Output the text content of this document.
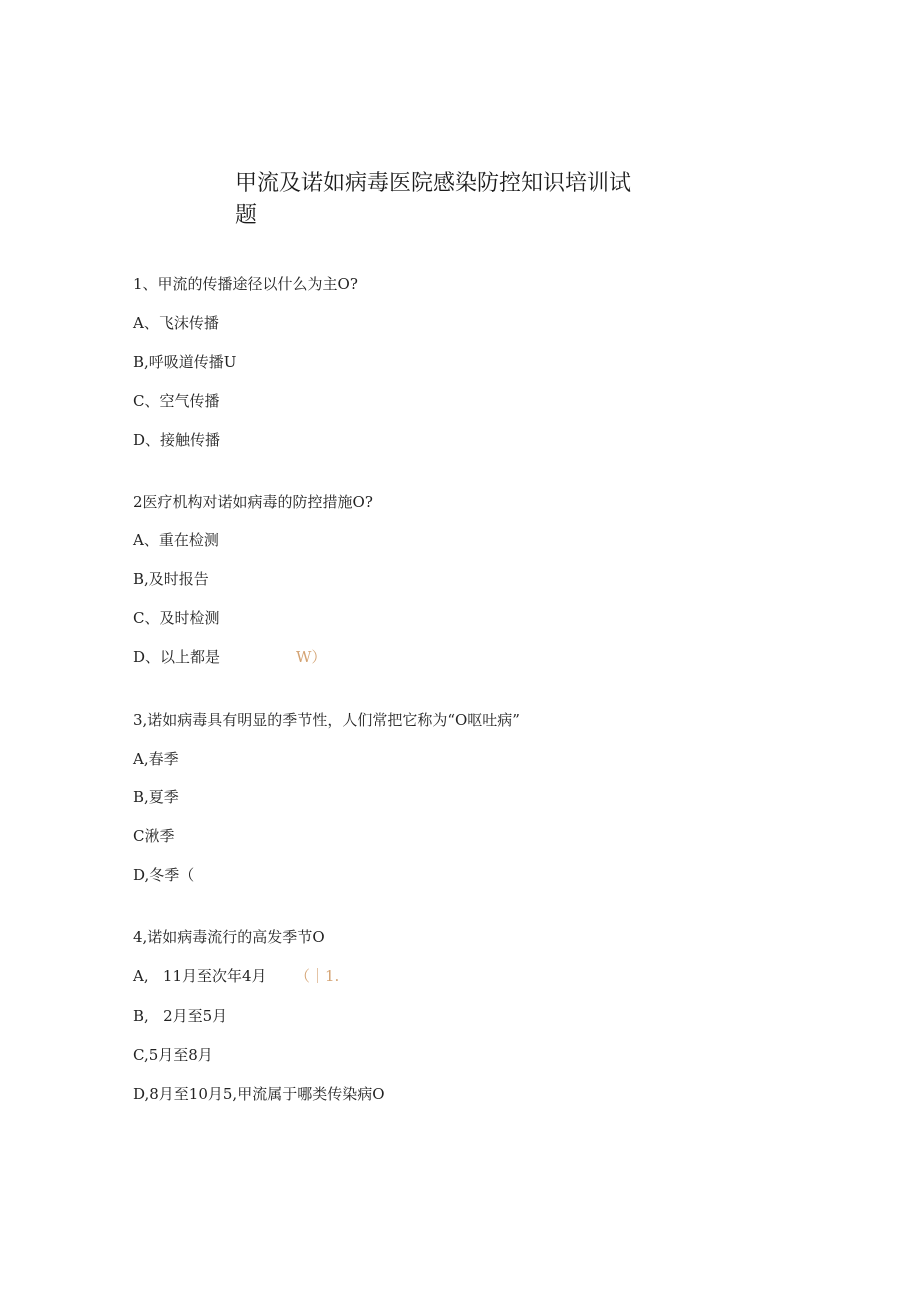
甲流及诺如病毒医院感染防控知识培训试题
1、甲流的传播途径以什么为主O?
A、飞沫传播
B,呼吸道传播U
C、空气传播
D、接触传播
2医疗机构对诺如病毒的防控措施O?
A、重在检测
B,及时报告
C、及时检测
D、以上都是	W）
3,诺如病毒具有明显的季节性，人们常把它称为“O呕吐病”
A,春季
B,夏季
C湫季
D,冬季（
4,诺如病毒流行的高发季节O
A,   11月至次年4月 （｜1.
B,   2月至5月
C,5月至8月
D,8月至10月5,甲流属于哪类传染病O
